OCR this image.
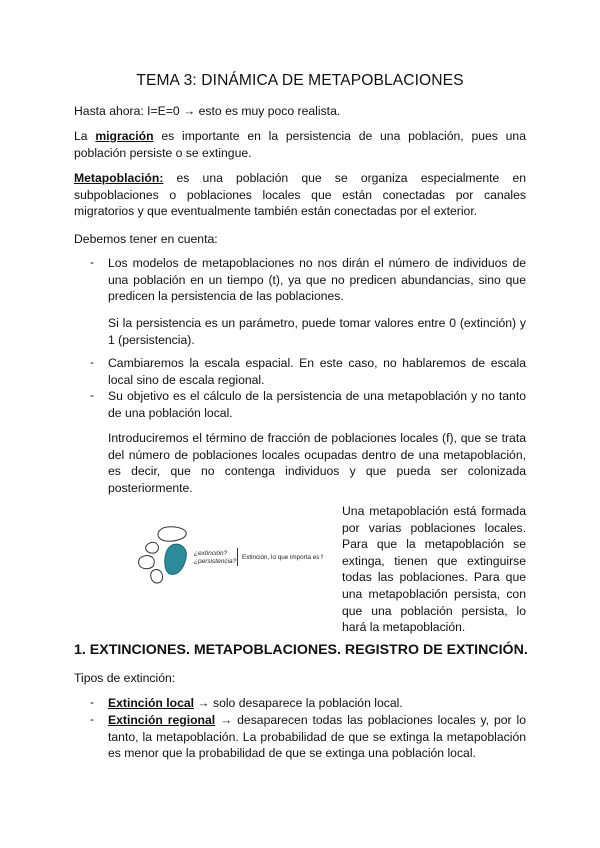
TEMA 3: DINÁMICA DE METAPOBLACIONES

Hasta ahora: I=E=0 → esto es muy poco realista.

La migración es importante en la persistencia de una población, pues una población persiste o se extingue.

Metapoblación: es una población que se organiza especialmente en subpoblaciones o poblaciones locales que están conectadas por canales migratorios y que eventualmente también están conectadas por el exterior.

Debemos tener en cuenta:

- Los modelos de metapoblaciones no nos dirán el número de individuos de una población en un tiempo (t), ya que no predicen abundancias, sino que predicen la persistencia de las poblaciones.

Si la persistencia es un parámetro, puede tomar valores entre 0 (extinción) y 1 (persistencia).

- Cambiaremos la escala espacial. En este caso, no hablaremos de escala local sino de escala regional.

- Su objetivo es el cálculo de la persistencia de una metapoblación y no tanto de una población local.

Introduciremos el término de fracción de poblaciones locales (f), que se trata del número de poblaciones locales ocupadas dentro de una metapoblación, es decir, que no contenga individuos y que pueda ser colonizada posteriormente.

¿extinción?
¿persistencia?
Extinción, lo que importa es f

Una metapoblación está formada por varias poblaciones locales. Para que la metapoblación se extinga, tienen que extinguirse todas las poblaciones. Para que una metapoblación persista, con que una población persista, lo hará la metapoblación.

1. EXTINCIONES. METAPOBLACIONES. REGISTRO DE EXTINCIÓN.

Tipos de extinción:

- Extinción local → solo desaparece la población local.

- Extinción regional → desaparecen todas las poblaciones locales y, por lo tanto, la metapoblación. La probabilidad de que se extinga la metapoblación es menor que la probabilidad de que se extinga una población local.
